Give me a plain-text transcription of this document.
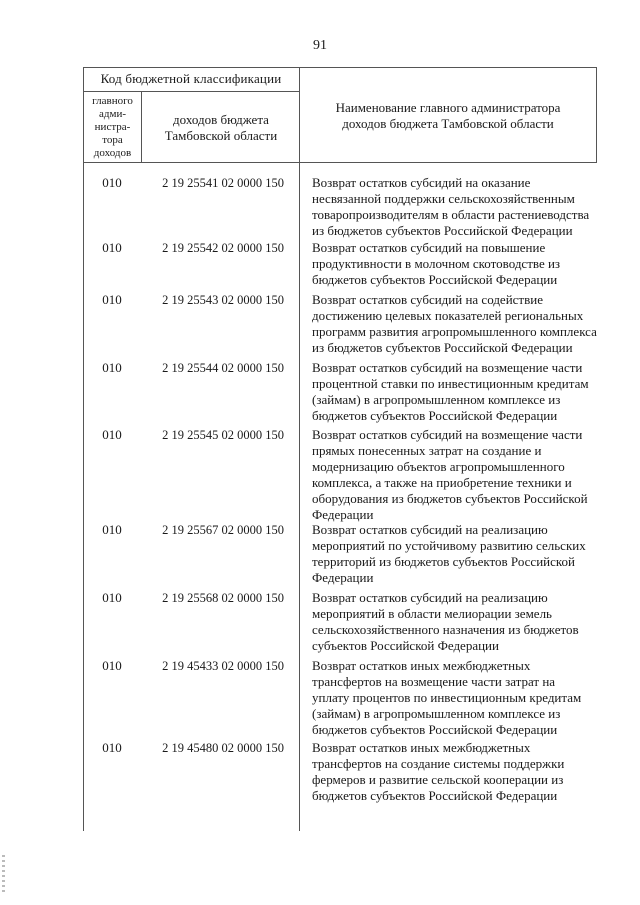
91
Код бюджетной классификации
главного
адми-
нистра-
тора
доходов
доходов бюджета
Тамбовской области
Наименование главного администратора
доходов бюджета Тамбовской области
010	2 19 25541 02 0000 150	Возврат остатков субсидий на оказание
несвязанной поддержки сельскохозяйственным
товаропроизводителям в области растениеводства
из бюджетов субъектов Российской Федерации
010	2 19 25542 02 0000 150	Возврат остатков субсидий на повышение
продуктивности в молочном скотоводстве из
бюджетов субъектов Российской Федерации
010	2 19 25543 02 0000 150	Возврат остатков субсидий на содействие
достижению целевых показателей региональных
программ развития агропромышленного комплекса
из бюджетов субъектов Российской Федерации
010	2 19 25544 02 0000 150	Возврат остатков субсидий на возмещение части
процентной ставки по инвестиционным кредитам
(займам) в агропромышленном комплексе из
бюджетов субъектов Российской Федерации
010	2 19 25545 02 0000 150	Возврат остатков субсидий на возмещение части
прямых понесенных затрат на создание и
модернизацию объектов агропромышленного
комплекса, а также на приобретение техники и
оборудования из бюджетов субъектов Российской
Федерации
010	2 19 25567 02 0000 150	Возврат остатков субсидий на реализацию
мероприятий по устойчивому развитию сельских
территорий из бюджетов субъектов Российской
Федерации
010	2 19 25568 02 0000 150	Возврат остатков субсидий на реализацию
мероприятий в области мелиорации земель
сельскохозяйственного назначения из бюджетов
субъектов Российской Федерации
010	2 19 45433 02 0000 150	Возврат остатков иных межбюджетных
трансфертов на возмещение части затрат на
уплату процентов по инвестиционным кредитам
(займам) в агропромышленном комплексе из
бюджетов субъектов Российской Федерации
010	2 19 45480 02 0000 150	Возврат остатков иных межбюджетных
трансфертов на создание системы поддержки
фермеров и развитие сельской кооперации из
бюджетов субъектов Российской Федерации
